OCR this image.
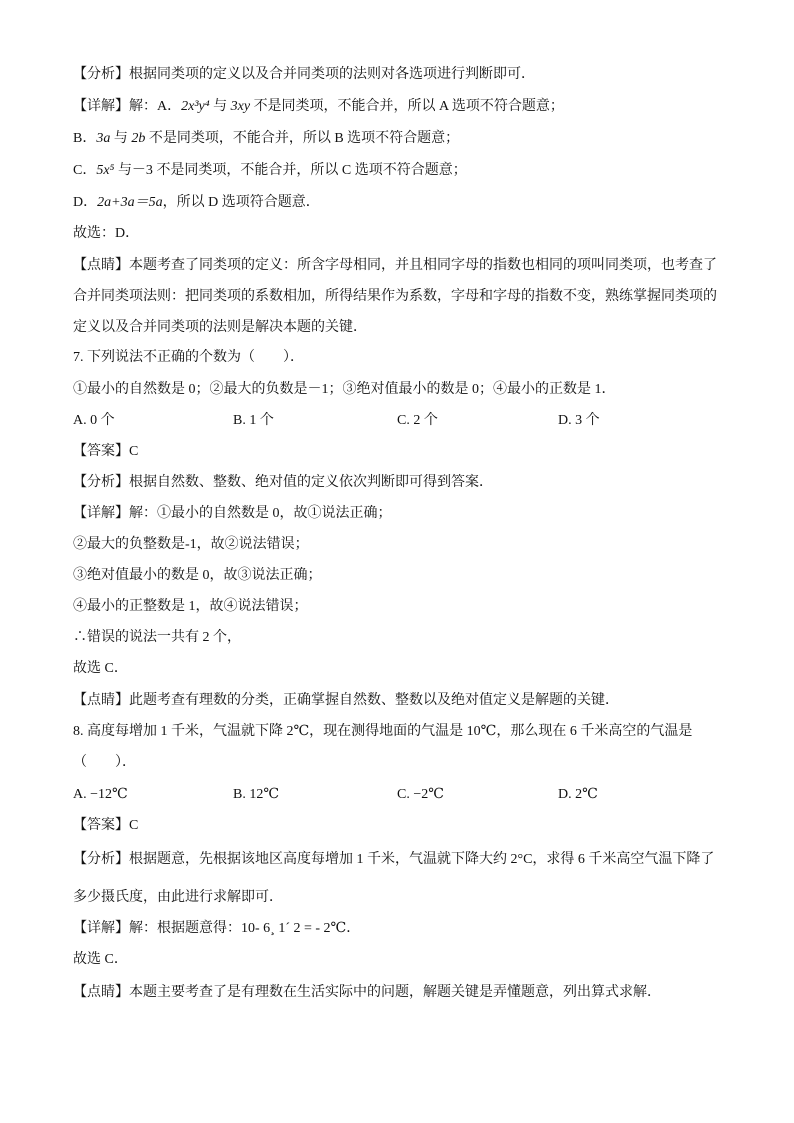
【分析】根据同类项的定义以及合并同类项的法则对各选项进行判断即可．
【详解】解：A．2x³y⁴ 与 3xy 不是同类项，不能合并，所以 A 选项不符合题意；
B．3a 与 2b 不是同类项，不能合并，所以 B 选项不符合题意；
C．5x⁵ 与－3 不是同类项，不能合并，所以 C 选项不符合题意；
D．2a+3a＝5a，所以 D 选项符合题意．
故选：D．
【点睛】本题考查了同类项的定义：所含字母相同，并且相同字母的指数也相同的项叫同类项，也考查了
合并同类项法则：把同类项的系数相加，所得结果作为系数，字母和字母的指数不变，熟练掌握同类项的
定义以及合并同类项的法则是解决本题的关键．
7. 下列说法不正确的个数为（　　）．
①最小的自然数是 0；②最大的负数是－1；③绝对值最小的数是 0；④最小的正数是 1．
A. 0 个	B. 1 个	C. 2 个	D. 3 个
【答案】C
【分析】根据自然数、整数、绝对值的定义依次判断即可得到答案．
【详解】解：①最小的自然数是 0，故①说法正确；
②最大的负整数是-1，故②说法错误；
③绝对值最小的数是 0，故③说法正确；
④最小的正整数是 1，故④说法错误；
∴错误的说法一共有 2 个，
故选 C．
【点睛】此题考查有理数的分类，正确掌握自然数、整数以及绝对值定义是解题的关键．
8. 高度每增加 1 千米，气温就下降 2℃，现在测得地面的气温是 10℃，那么现在 6 千米高空的气温是
（　　）．
A. −12℃	B. 12℃	C. −2℃	D. 2℃
【答案】C
【分析】根据题意，先根据该地区高度每增加 1 千米，气温就下降大约 2°C，求得 6 千米高空气温下降了
多少摄氏度，由此进行求解即可．
【详解】解：根据题意得：10- 6¸ 1´ 2 = - 2℃．
故选 C．
【点睛】本题主要考查了是有理数在生活实际中的问题，解题关键是弄懂题意，列出算式求解．
